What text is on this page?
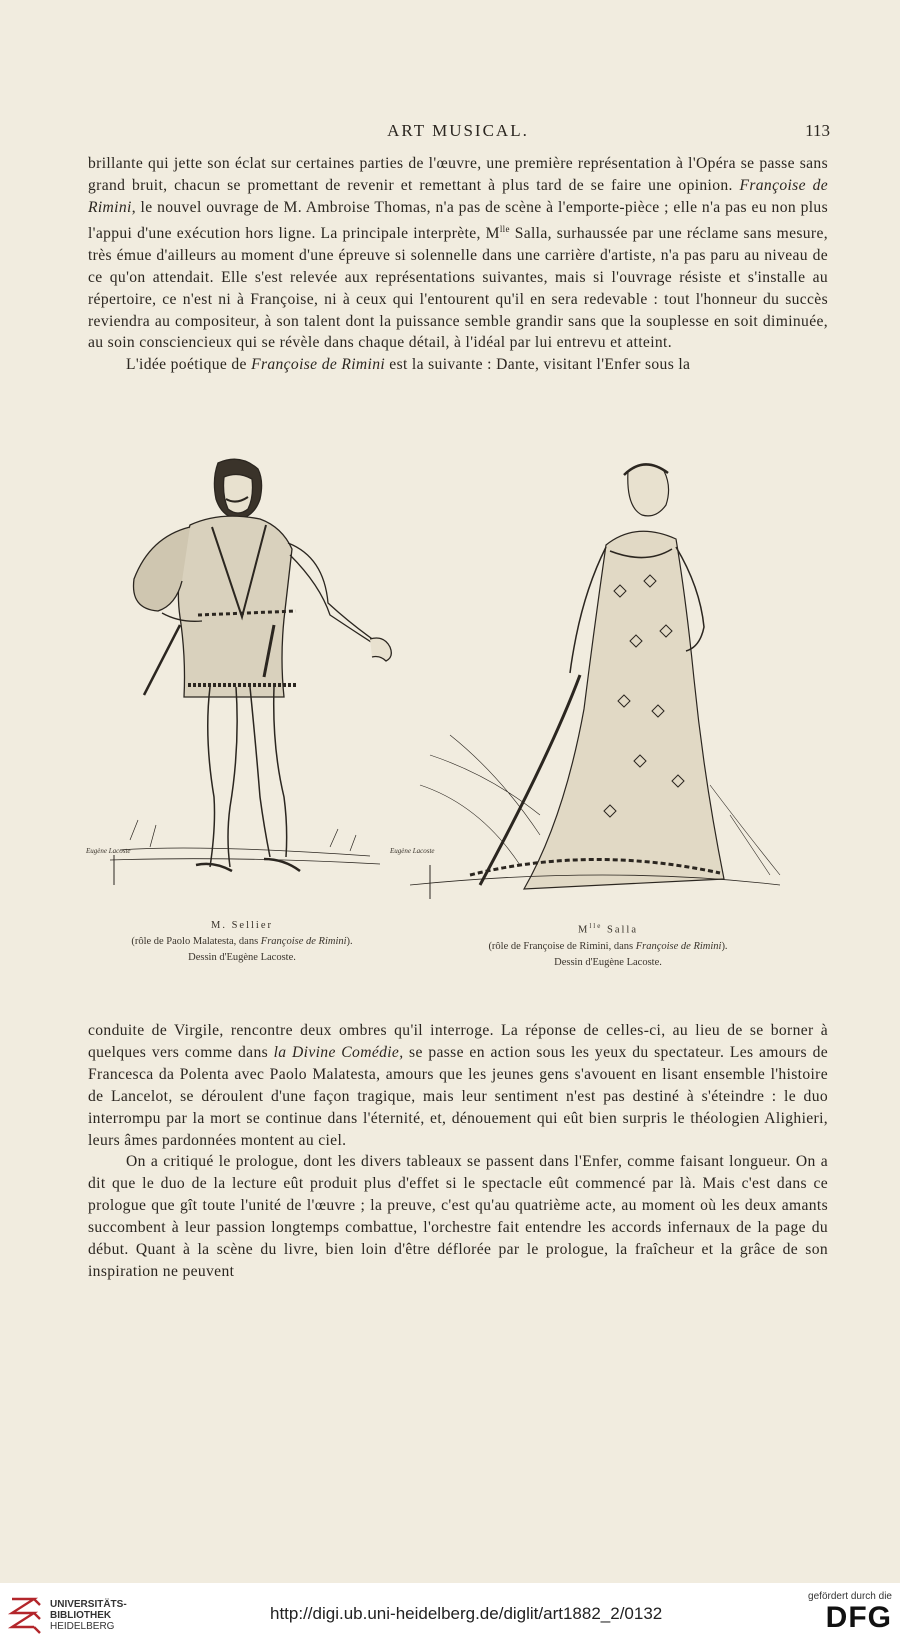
ART MUSICAL.	113

brillante qui jette son éclat sur certaines parties de l'œuvre, une première représentation à l'Opéra se passe sans grand bruit, chacun se promettant de revenir et remettant à plus tard de se faire une opinion. Françoise de Rimini, le nouvel ouvrage de M. Ambroise Thomas, n'a pas de scène à l'emporte-pièce ; elle n'a pas eu non plus l'appui d'une exécution hors ligne. La principale interprète, $M^{lle}$ Salla, surhaussée par une réclame sans mesure, très émue d'ailleurs au moment d'une épreuve si solennelle dans une carrière d'artiste, n'a pas paru au niveau de ce qu'on attendait. Elle s'est relevée aux représentations suivantes, mais si l'ouvrage résiste et s'installe au répertoire, ce n'est ni à Françoise, ni à ceux qui l'entourent qu'il en sera redevable : tout l'honneur du succès reviendra au compositeur, à son talent dont la puissance semble grandir sans que la souplesse en soit diminuée, au soin consciencieux qui se révèle dans chaque détail, à l'idéal par lui entrevu et atteint.

L'idée poétique de Françoise de Rimini est la suivante : Dante, visitant l'Enfer sous la

Eugène Lacoste	Eugène Lacoste
M. Sellier
(rôle de Paolo Malatesta, dans Françoise de Rimini).
Dessin d'Eugène Lacoste.
$M^{lle}$ Salla
(rôle de Françoise de Rimini, dans Françoise de Rimini).
Dessin d'Eugène Lacoste.

conduite de Virgile, rencontre deux ombres qu'il interroge. La réponse de celles-ci, au lieu de se borner à quelques vers comme dans la Divine Comédie, se passe en action sous les yeux du spectateur. Les amours de Francesca da Polenta avec Paolo Malatesta, amours que les jeunes gens s'avouent en lisant ensemble l'histoire de Lancelot, se déroulent d'une façon tragique, mais leur sentiment n'est pas destiné à s'éteindre : le duo interrompu par la mort se continue dans l'éternité, et, dénouement qui eût bien surpris le théologien Alighieri, leurs âmes pardonnées montent au ciel.

On a critiqué le prologue, dont les divers tableaux se passent dans l'Enfer, comme faisant longueur. On a dit que le duo de la lecture eût produit plus d'effet si le spectacle eût commencé par là. Mais c'est dans ce prologue que gît toute l'unité de l'œuvre ; la preuve, c'est qu'au quatrième acte, au moment où les deux amants succombent à leur passion longtemps combattue, l'orchestre fait entendre les accords infernaux de la page du début. Quant à la scène du livre, bien loin d'être déflorée par le prologue, la fraîcheur et la grâce de son inspiration ne peuvent

UNIVERSITÄTS-
BIBLIOTHEK
HEIDELBERG
http://digi.ub.uni-heidelberg.de/diglit/art1882_2/0132
gefördert durch die
DFG
